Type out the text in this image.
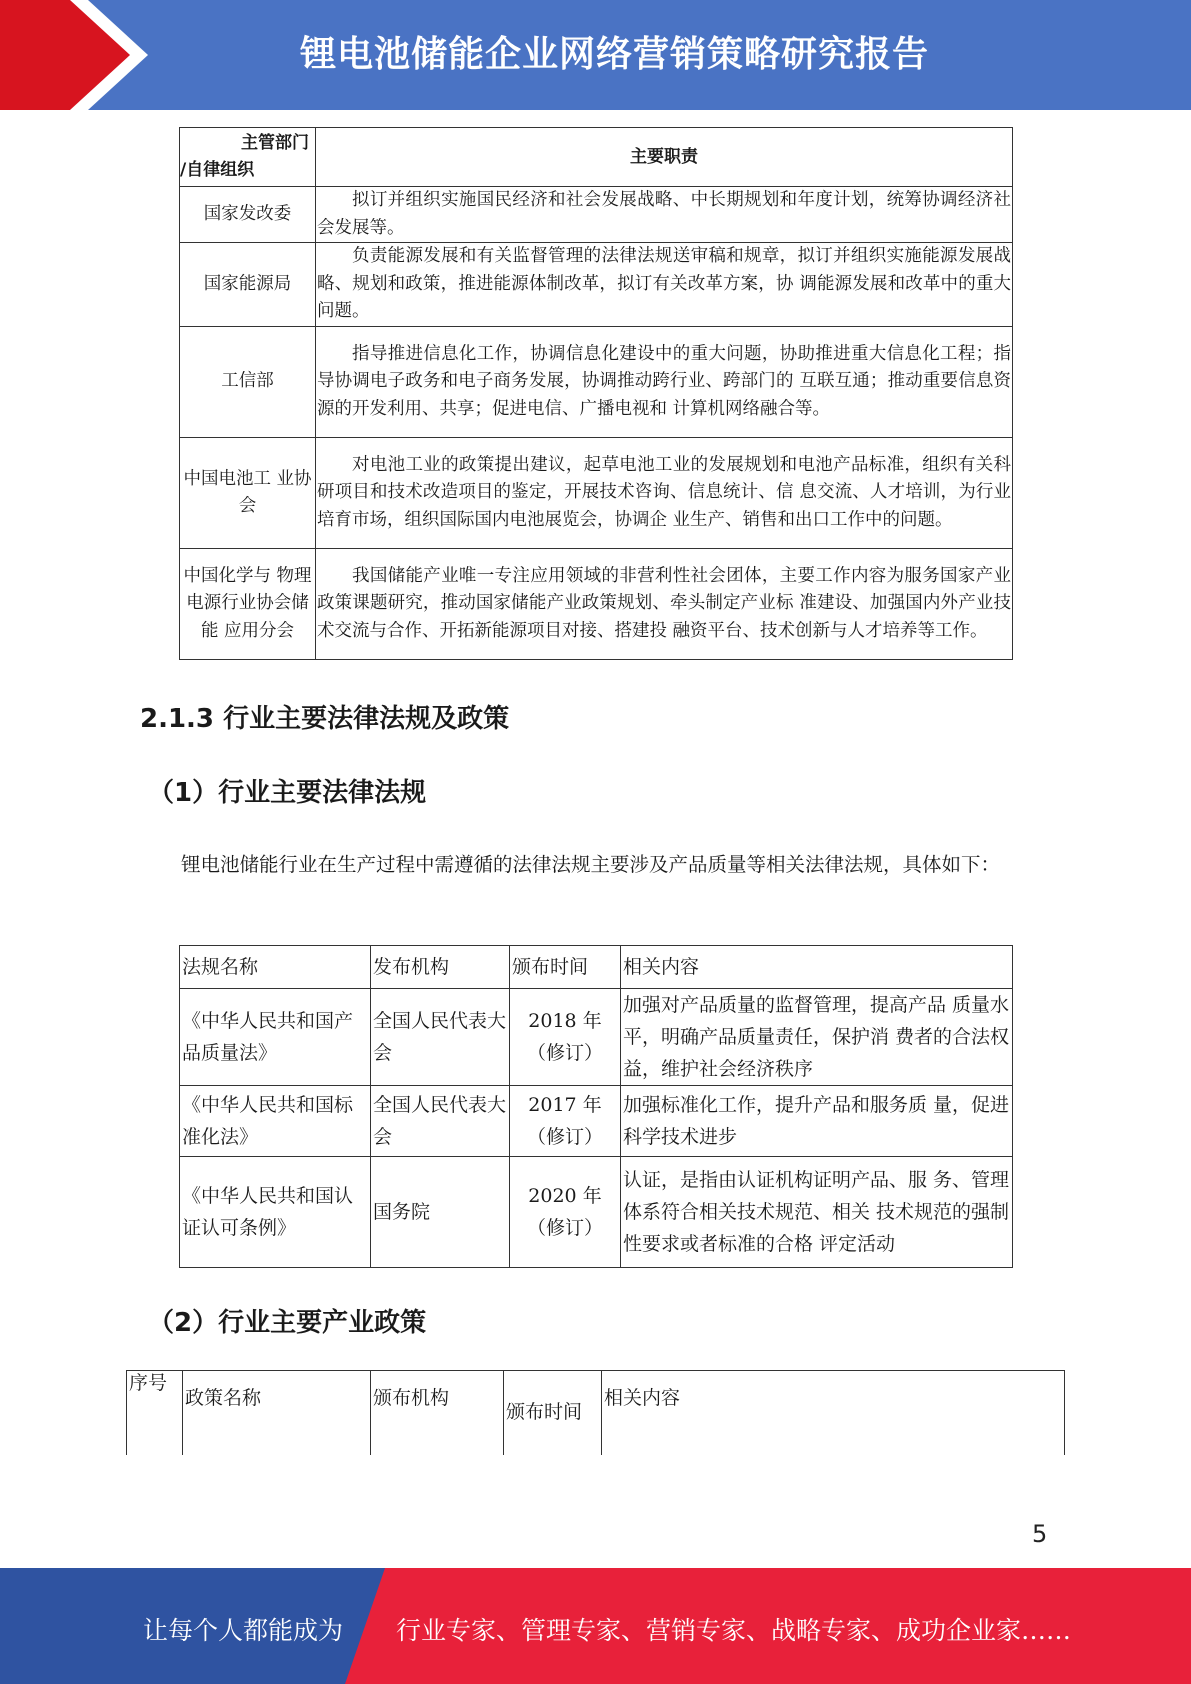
锂电池储能企业网络营销策略研究报告
主管部门
/自律组织	主要职责
国家发改委	拟订并组织实施国民经济和社会发展战略、中长期规划和年度计划，统筹协调经济社会发展等。
国家能源局	负责能源发展和有关监督管理的法律法规送审稿和规章，拟订并组织实施能源发展战略、规划和政策，推进能源体制改革，拟订有关改革方案，协 调能源发展和改革中的重大问题。
工信部	指导推进信息化工作，协调信息化建设中的重大问题，协助推进重大信息化工程；指导协调电子政务和电子商务发展，协调推动跨行业、跨部门的 互联互通；推动重要信息资源的开发利用、共享；促进电信、广播电视和 计算机网络融合等。
中国电池工 业协会	对电池工业的政策提出建议，起草电池工业的发展规划和电池产品标准，组织有关科研项目和技术改造项目的鉴定，开展技术咨询、信息统计、信 息交流、人才培训，为行业培育市场，组织国际国内电池展览会，协调企 业生产、销售和出口工作中的问题。
中国化学与 物理电源行业协会储能 应用分会	我国储能产业唯一专注应用领域的非营利性社会团体，主要工作内容为服务国家产业政策课题研究，推动国家储能产业政策规划、牵头制定产业标 准建设、加强国内外产业技术交流与合作、开拓新能源项目对接、搭建投 融资平台、技术创新与人才培养等工作。
2.1.3 行业主要法律法规及政策
（1）行业主要法律法规
锂电池储能行业在生产过程中需遵循的法律法规主要涉及产品质量等相关法律法规，具体如下：
法规名称	发布机构	颁布时间	相关内容
《中华人民共和国产品质量法》	全国人民代表大会	2018 年（修订）	加强对产品质量的监督管理，提高产品 质量水平，明确产品质量责任，保护消 费者的合法权益，维护社会经济秩序
《中华人民共和国标准化法》	全国人民代表大会	2017 年（修订）	加强标准化工作，提升产品和服务质 量，促进科学技术进步
《中华人民共和国认证认可条例》	国务院	2020 年（修订）	认证，是指由认证机构证明产品、服 务、管理体系符合相关技术规范、相关 技术规范的强制性要求或者标准的合格 评定活动
（2）行业主要产业政策
序号	政策名称	颁布机构	颁布时间	相关内容
5
让每个人都能成为 行业专家、管理专家、营销专家、战略专家、成功企业家……
